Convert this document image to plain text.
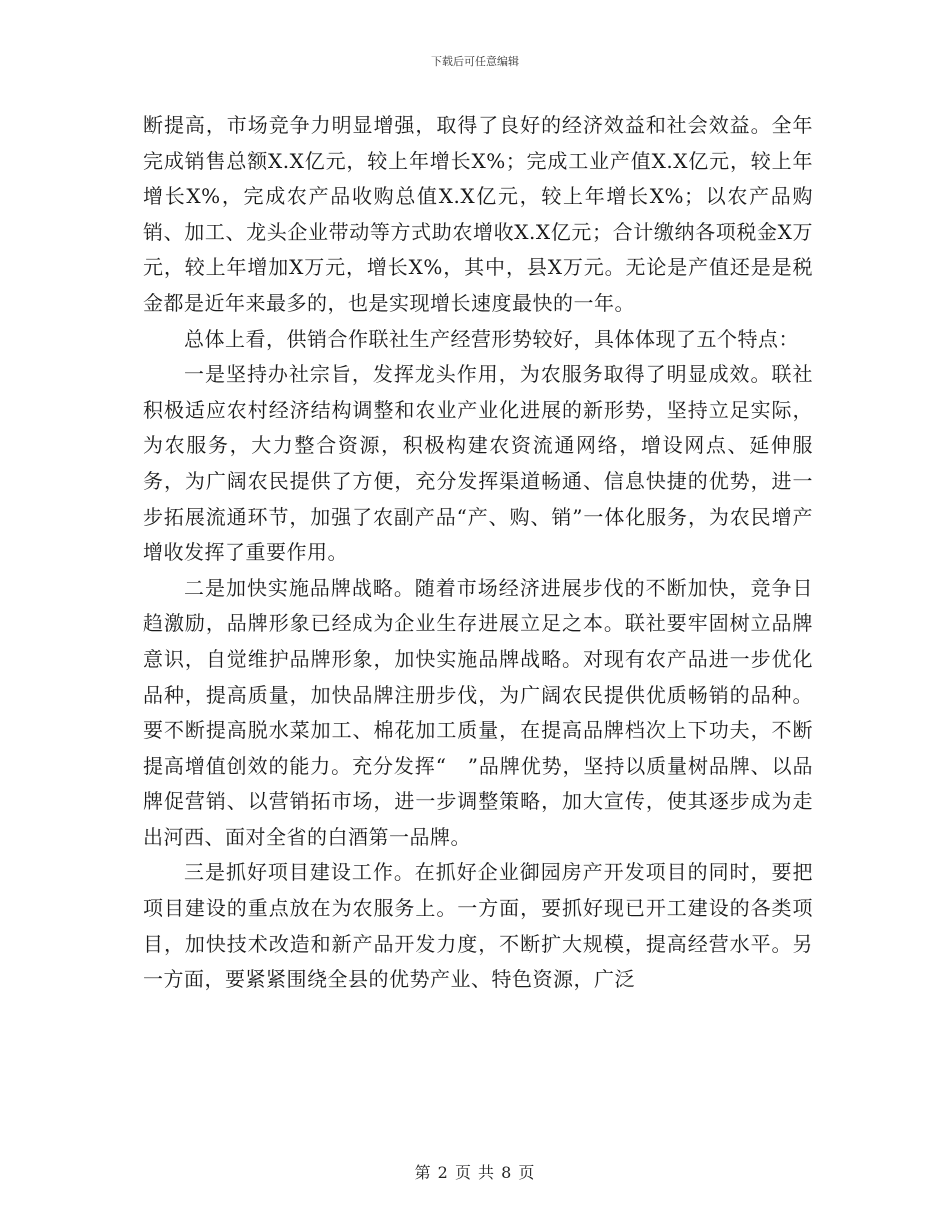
下载后可任意编辑

断提高，市场竞争力明显增强，取得了良好的经济效益和社会效益。全年完成销售总额X.X亿元，较上年增长X%；完成工业产值X.X亿元，较上年增长X%，完成农产品收购总值X.X亿元，较上年增长X%；以农产品购销、加工、龙头企业带动等方式助农增收X.X亿元；合计缴纳各项税金X万元，较上年增加X万元，增长X%，其中，县X万元。无论是产值还是是税金都是近年来最多的，也是实现增长速度最快的一年。

总体上看，供销合作联社生产经营形势较好，具体体现了五个特点：

一是坚持办社宗旨，发挥龙头作用，为农服务取得了明显成效。联社积极适应农村经济结构调整和农业产业化进展的新形势，坚持立足实际，为农服务，大力整合资源，积极构建农资流通网络，增设网点、延伸服务，为广阔农民提供了方便，充分发挥渠道畅通、信息快捷的优势，进一步拓展流通环节，加强了农副产品“产、购、销”一体化服务，为农民增产增收发挥了重要作用。

二是加快实施品牌战略。随着市场经济进展步伐的不断加快，竞争日趋激励，品牌形象已经成为企业生存进展立足之本。联社要牢固树立品牌意识，自觉维护品牌形象，加快实施品牌战略。对现有农产品进一步优化品种，提高质量，加快品牌注册步伐，为广阔农民提供优质畅销的品种。要不断提高脱水菜加工、棉花加工质量，在提高品牌档次上下功夫，不断提高增值创效的能力。充分发挥“　”品牌优势，坚持以质量树品牌、以品牌促营销、以营销拓市场，进一步调整策略，加大宣传，使其逐步成为走出河西、面对全省的白酒第一品牌。

三是抓好项目建设工作。在抓好企业御园房产开发项目的同时，要把项目建设的重点放在为农服务上。一方面，要抓好现已开工建设的各类项目，加快技术改造和新产品开发力度，不断扩大规模，提高经营水平。另一方面，要紧紧围绕全县的优势产业、特色资源，广泛

第 2 页 共 8 页
